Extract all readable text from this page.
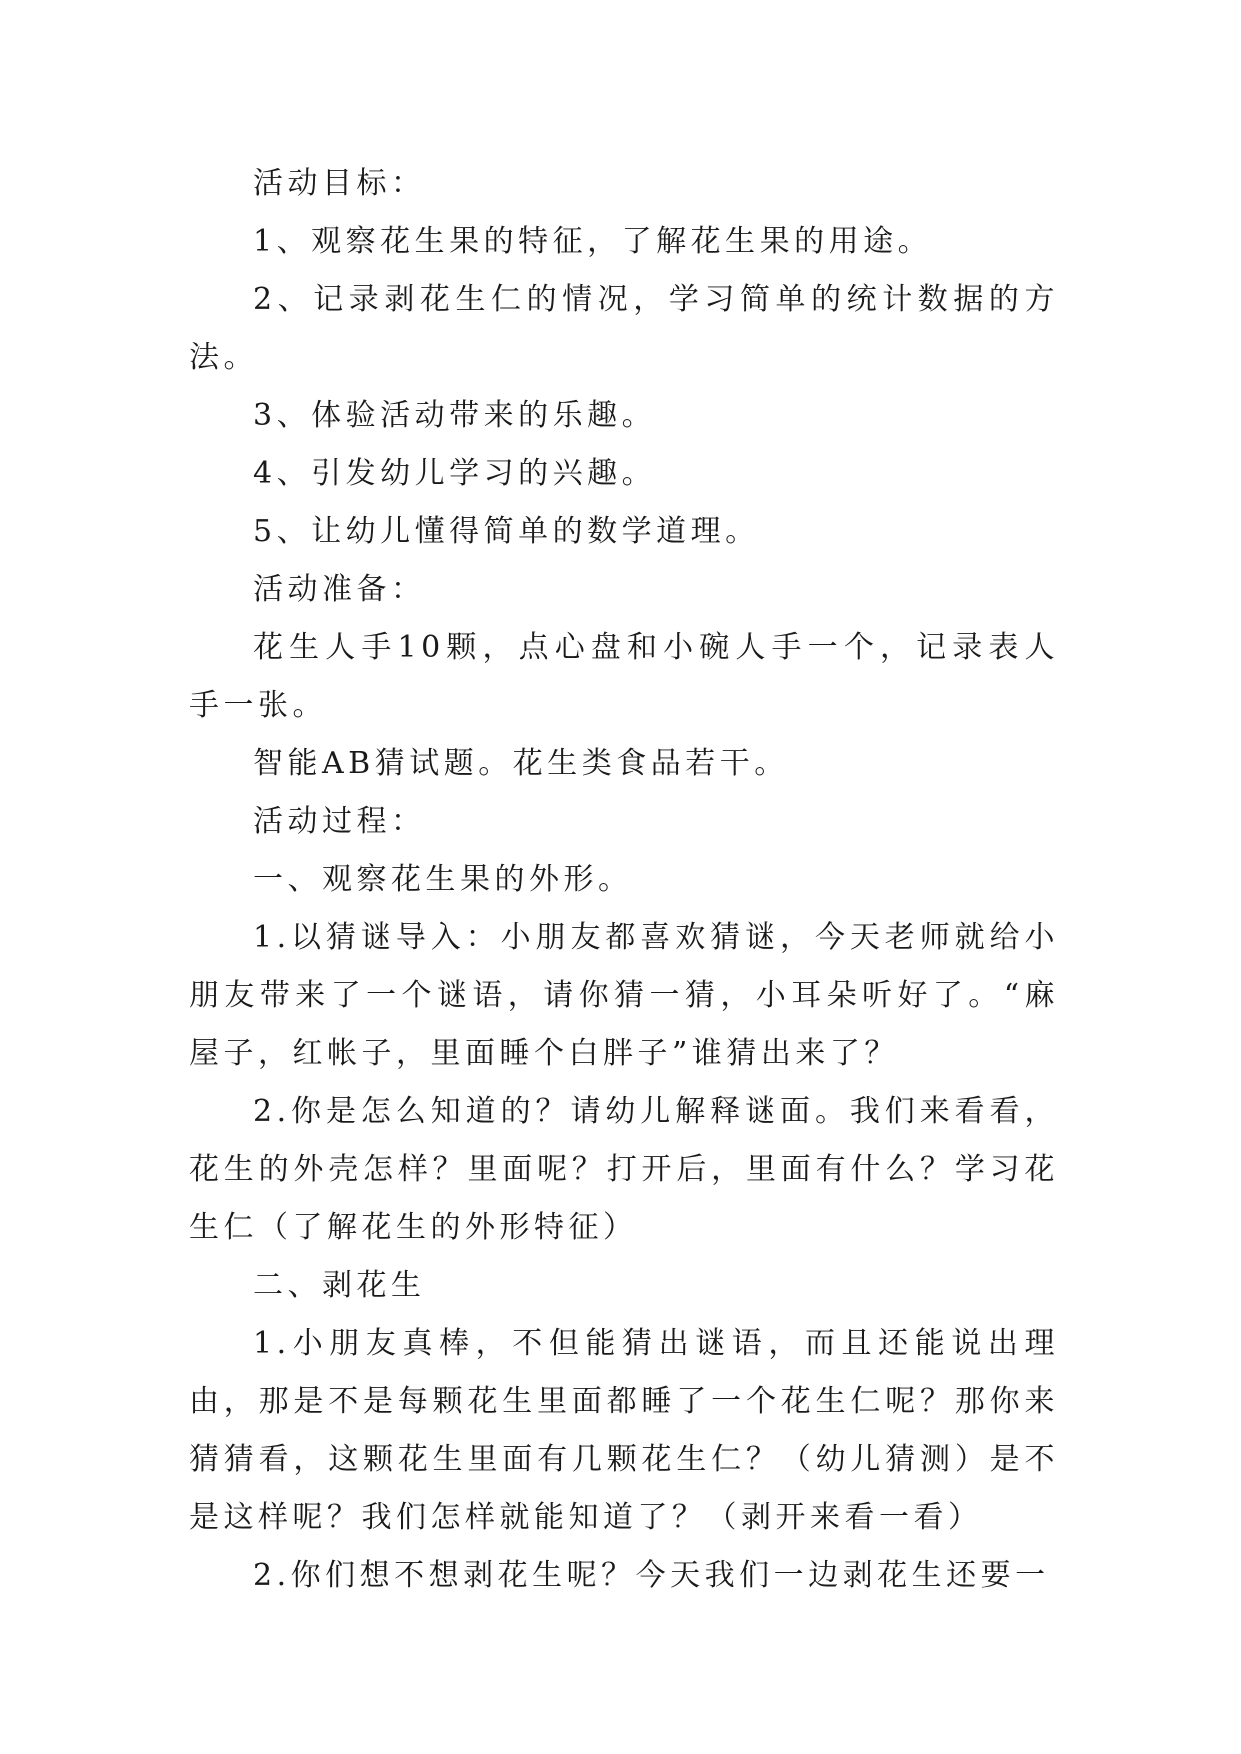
活动目标：

1、观察花生果的特征，了解花生果的用途。

2、记录剥花生仁的情况，学习简单的统计数据的方法。

3、体验活动带来的乐趣。

4、引发幼儿学习的兴趣。

5、让幼儿懂得简单的数学道理。

活动准备：

花生人手10颗，点心盘和小碗人手一个，记录表人手一张。

智能AB猜试题。花生类食品若干。

活动过程：

一、观察花生果的外形。

1.以猜谜导入：小朋友都喜欢猜谜，今天老师就给小朋友带来了一个谜语，请你猜一猜，小耳朵听好了。“麻屋子，红帐子，里面睡个白胖子”谁猜出来了？

2.你是怎么知道的？请幼儿解释谜面。我们来看看，花生的外壳怎样？里面呢？打开后，里面有什么？学习花生仁（了解花生的外形特征）

二、剥花生

1.小朋友真棒，不但能猜出谜语，而且还能说出理由，那是不是每颗花生里面都睡了一个花生仁呢？那你来猜猜看，这颗花生里面有几颗花生仁？（幼儿猜测）是不是这样呢？我们怎样就能知道了？（剥开来看一看）

2.你们想不想剥花生呢？今天我们一边剥花生还要一
